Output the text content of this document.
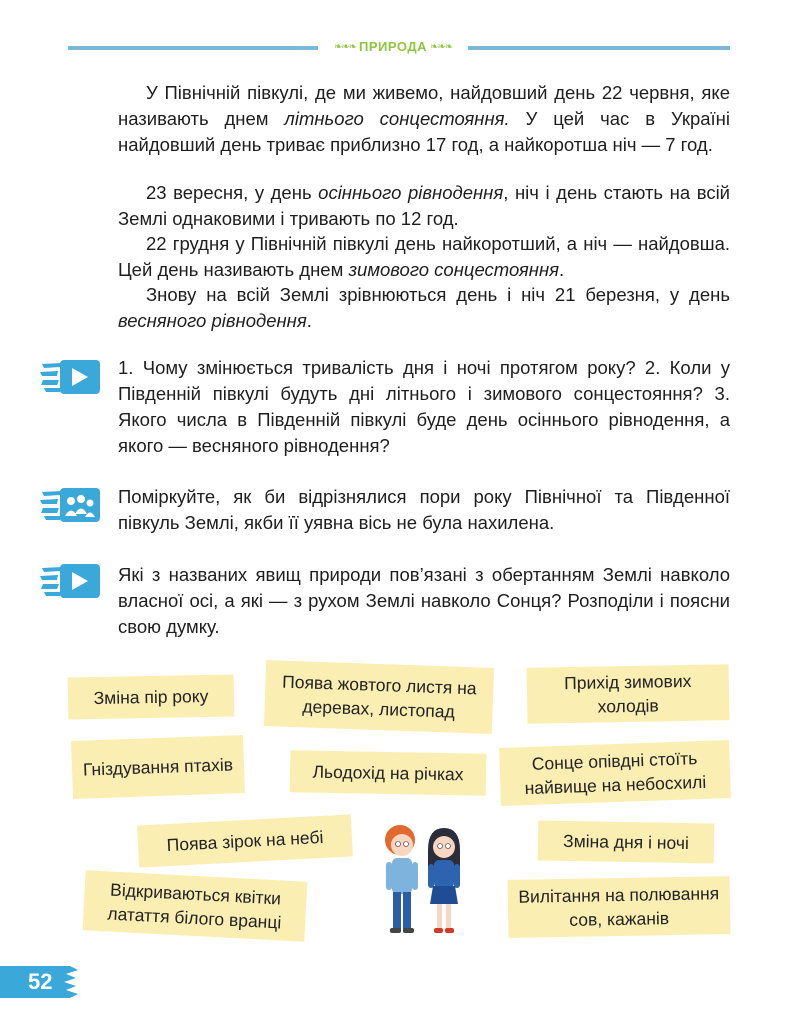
❧❧❧ ПРИРОДА ❧❧❧

У Північній півкулі, де ми живемо, найдовший день 22 червня, яке називають днем літнього сонцестояння. У цей час в Україні найдовший день триває приблизно 17 год, а найкоротша ніч — 7 год.

23 вересня, у день осіннього рівнодення, ніч і день стають на всій Землі однаковими і тривають по 12 год.

22 грудня у Північній півкулі день найкоротший, а ніч — найдовша. Цей день називають днем зимового сонцестояння.

Знову на всій Землі зрівнюються день і ніч 21 березня, у день весняного рівнодення.

1. Чому змінюється тривалість дня і ночі протягом року? 2. Коли у Південній півкулі будуть дні літнього і зимового сонцестояння? 3. Якого числа в Південній півкулі буде день осіннього рівнодення, а якого — весняного рівнодення?

Поміркуйте, як би відрізнялися пори року Північної та Південної півкуль Землі, якби її уявна вісь не була нахилена.

Які з названих явищ природи пов’язані з обертанням Землі навколо власної осі, а які — з рухом Землі навколо Сонця? Розподіли і поясни свою думку.

Зміна пір року	Поява жовтого листя на деревах, листопад
Прихід зимових холодів
Гніздування птахів	Льодохід на річках	Сонце опівдні стоїть найвище на небосхилі
Поява зірок на небі	Зміна дня і ночі
Відкриваються квітки латаття білого вранці
Вилітання на полювання сов, кажанів
52
